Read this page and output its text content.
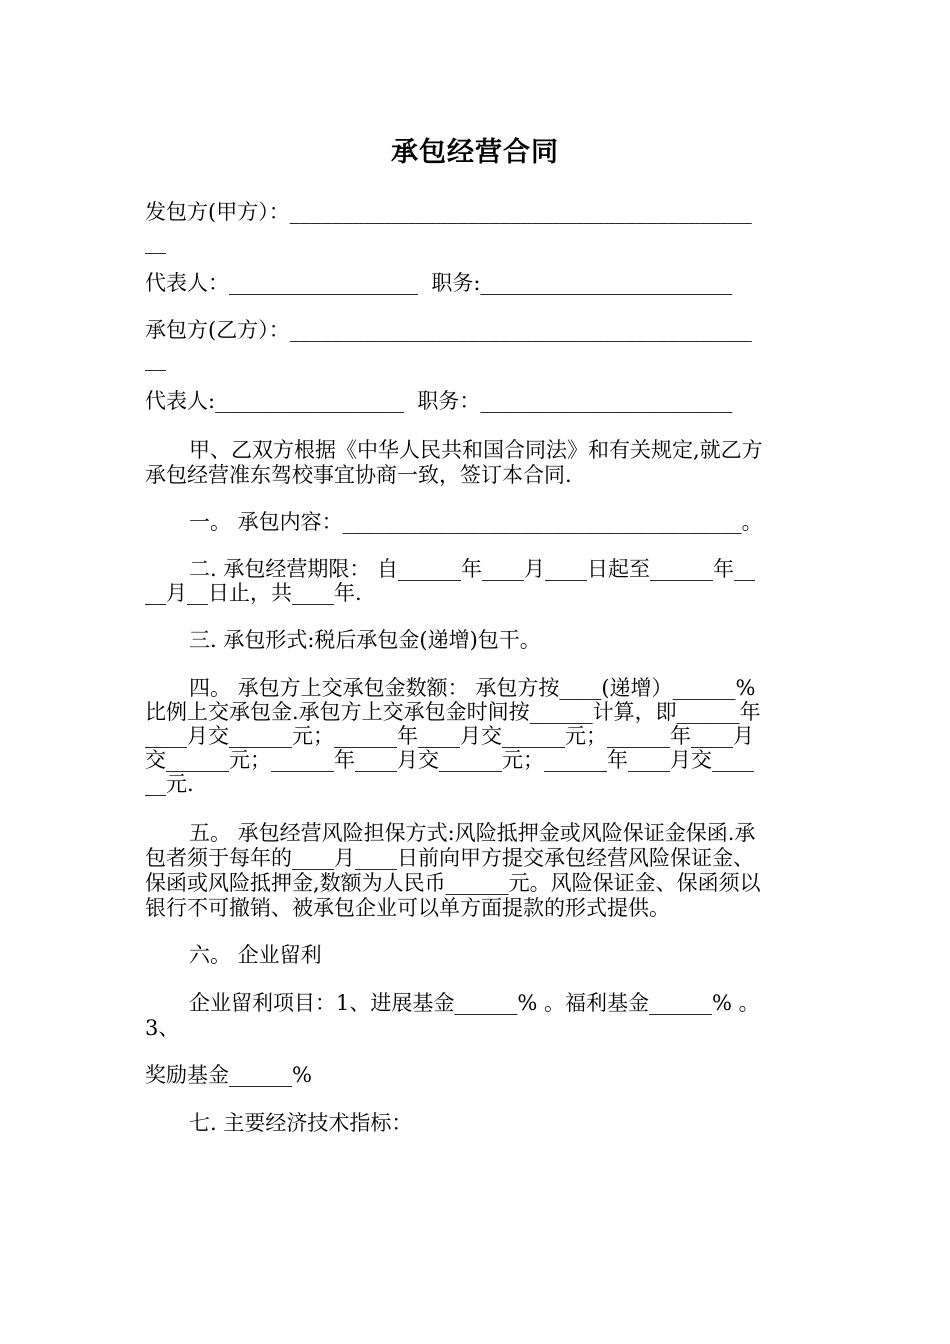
承包经营合同
发包方(甲方）：____________________________________________
__
代表人：__________________  职务:________________________
承包方(乙方）：____________________________________________
__
代表人:__________________  职务：________________________
甲、乙双方根据《中华人民共和国合同法》和有关规定,就乙方
承包经营准东驾校事宜协商一致，签订本合同.
一。 承包内容：______________________________________。
二. 承包经营期限： 自______年____月____日起至______年__
__月__日止，共____年.
三. 承包形式:税后承包金(递增)包干。
四。 承包方上交承包金数额： 承包方按____(递增）______%
比例上交承包金.承包方上交承包金时间按______计算，即______年
____月交______元；______年____月交______元；______年____月
交______元；______年____月交______元；______年____月交____
__元.
五。 承包经营风险担保方式:风险抵押金或风险保证金保函.承
包者须于每年的____月____日前向甲方提交承包经营风险保证金、
保函或风险抵押金,数额为人民币______元。风险保证金、保函须以
银行不可撤销、被承包企业可以单方面提款的形式提供。
六。 企业留利
企业留利项目：1、进展基金______% 。福利基金______% 。
3、
奖励基金______%
七. 主要经济技术指标：
